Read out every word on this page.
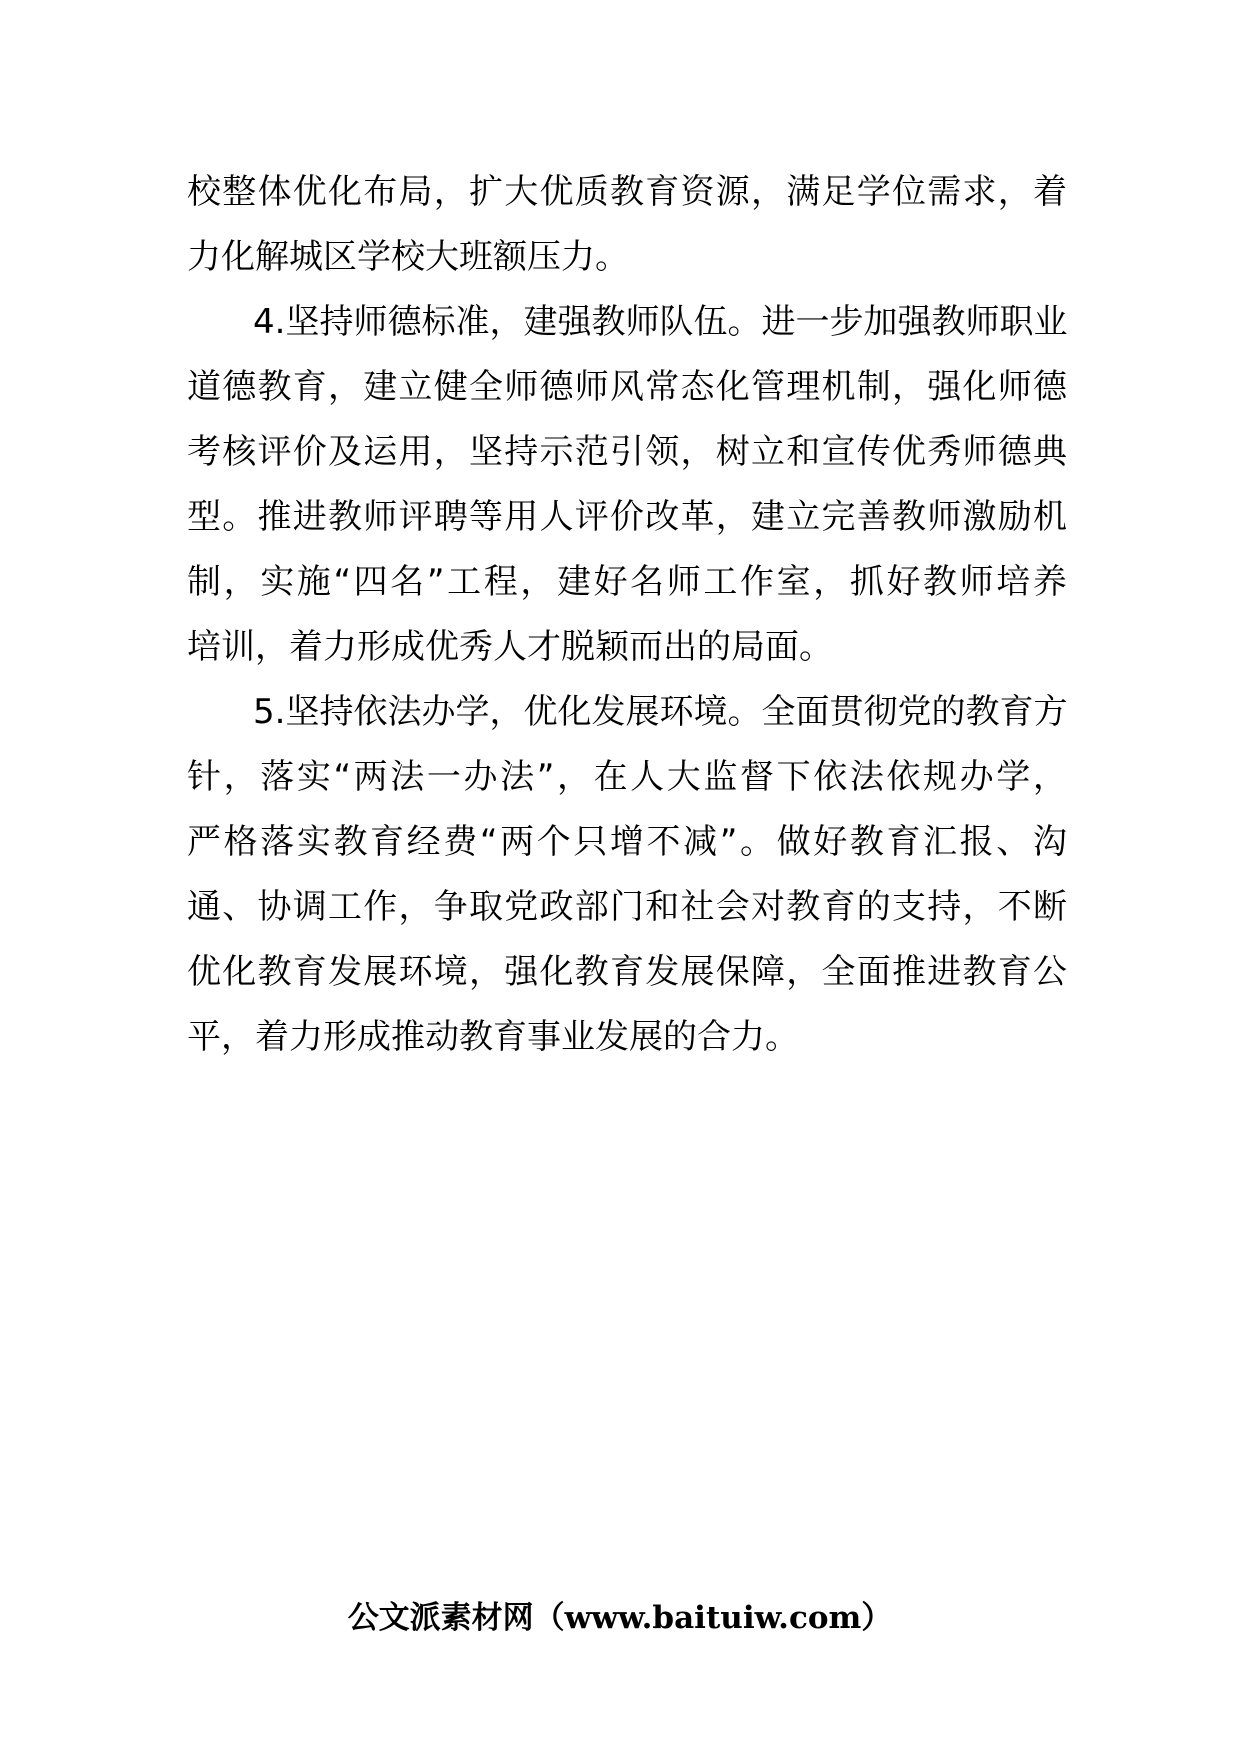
校 整 体 优 化 布 局 ， 扩 大 优 质 教 育 资 源 ， 满 足 学 位 需 求 ， 着
力化解城区学校大班额压力。
4 . 坚 持 师 德 标 准 ， 建 强 教 师 队 伍 。 进 一 步 加 强 教 师 职 业
道 德 教 育 ， 建 立 健 全 师 德 师 风 常 态 化 管 理 机 制 ， 强 化 师 德
考 核 评 价 及 运 用 ， 坚 持 示 范 引 领 ， 树 立 和 宣 传 优 秀 师 德 典
型 。 推 进 教 师 评 聘 等 用 人 评 价 改 革 ， 建 立 完 善 教 师 激 励 机
制 ， 实 施 “ 四 名 ” 工 程 ， 建 好 名 师 工 作 室 ， 抓 好 教 师 培 养
培训，着力形成优秀人才脱颖而出的局面。
5 . 坚 持 依 法 办 学 ， 优 化 发 展 环 境 。 全 面 贯 彻 党 的 教 育 方
针 ， 落 实 “ 两 法 一 办 法 ” ， 在 人 大 监 督 下 依 法 依 规 办 学 ，
严 格 落 实 教 育 经 费 “ 两 个 只 增 不 减 ” 。 做 好 教 育 汇 报 、 沟
通 、 协 调 工 作 ， 争 取 党 政 部 门 和 社 会 对 教 育 的 支 持 ， 不 断
优 化 教 育 发 展 环 境 ， 强 化 教 育 发 展 保 障 ， 全 面 推 进 教 育 公
平，着力形成推动教育事业发展的合力。
公文派素材网（www.baituiw.com）
